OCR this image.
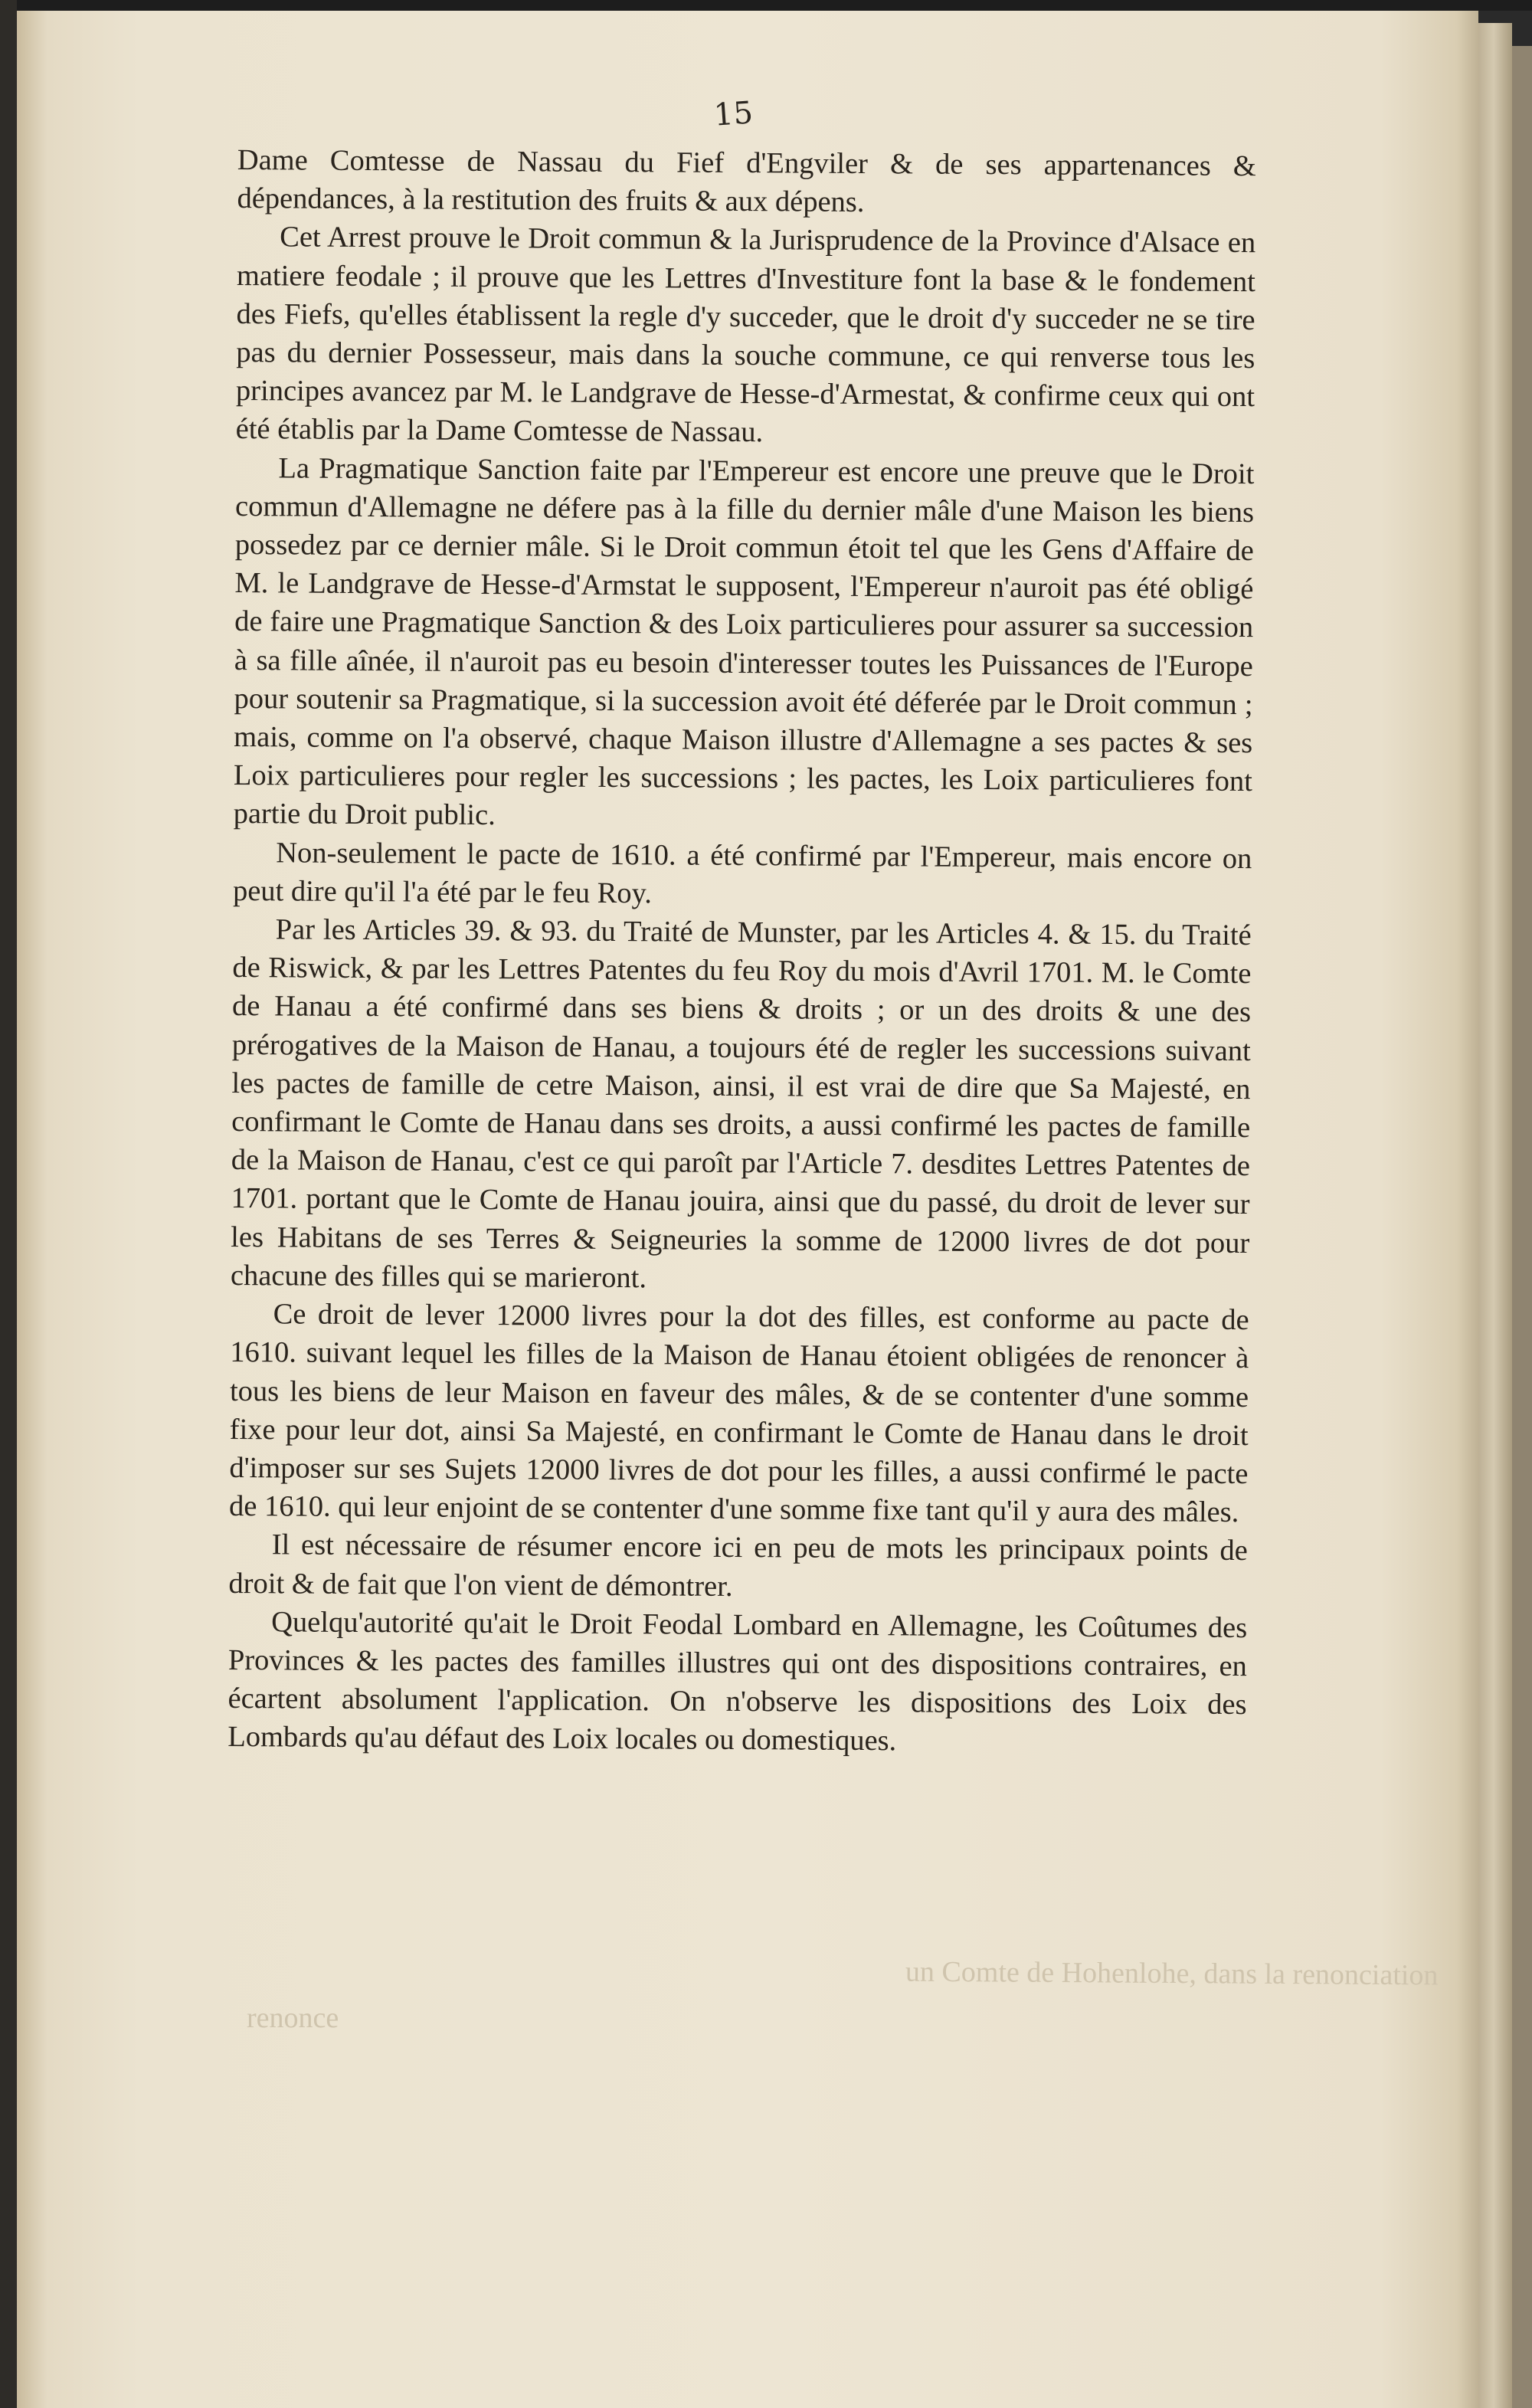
15
un Comte de Hohenlohe, dans la renonciation
renonce

Dame Comtesse de Nassau du Fief d'Engviler & de ses appartenances & dépendances, à la restitution des fruits & aux dépens.

Cet Arrest prouve le Droit commun & la Jurisprudence de la Province d'Alsace en matiere feodale ; il prouve que les Lettres d'Investiture font la base & le fondement des Fiefs, qu'elles établissent la regle d'y succeder, que le droit d'y succeder ne se tire pas du dernier Possesseur, mais dans la souche commune, ce qui renverse tous les principes avancez par M. le Landgrave de Hesse-d'Armestat, & confirme ceux qui ont été établis par la Dame Comtesse de Nassau.

La Pragmatique Sanction faite par l'Empereur est encore une preuve que le Droit commun d'Allemagne ne défere pas à la fille du dernier mâle d'une Maison les biens possedez par ce dernier mâle. Si le Droit commun étoit tel que les Gens d'Affaire de M. le Landgrave de Hesse-d'Armstat le supposent, l'Empereur n'auroit pas été obligé de faire une Pragmatique Sanction & des Loix particulieres pour assurer sa succession à sa fille aînée, il n'auroit pas eu besoin d'interesser toutes les Puissances de l'Europe pour soutenir sa Pragmatique, si la succession avoit été déferée par le Droit commun ; mais, comme on l'a observé, chaque Maison illustre d'Allemagne a ses pactes & ses Loix particulieres pour regler les successions ; les pactes, les Loix particulieres font partie du Droit public.

Non-seulement le pacte de 1610. a été confirmé par l'Empereur, mais encore on peut dire qu'il l'a été par le feu Roy.

Par les Articles 39. & 93. du Traité de Munster, par les Articles 4. & 15. du Traité de Riswick, & par les Lettres Patentes du feu Roy du mois d'Avril 1701. M. le Comte de Hanau a été confirmé dans ses biens & droits ; or un des droits & une des prérogatives de la Maison de Hanau, a toujours été de regler les successions suivant les pactes de famille de cetre Maison, ainsi, il est vrai de dire que Sa Majesté, en confirmant le Comte de Hanau dans ses droits, a aussi confirmé les pactes de famille de la Maison de Hanau, c'est ce qui paroît par l'Article 7. desdites Lettres Patentes de 1701. portant que le Comte de Hanau jouira, ainsi que du passé, du droit de lever sur les Habitans de ses Terres & Seigneuries la somme de 12000 livres de dot pour chacune des filles qui se marieront.

Ce droit de lever 12000 livres pour la dot des filles, est conforme au pacte de 1610. suivant lequel les filles de la Maison de Hanau étoient obligées de renoncer à tous les biens de leur Maison en faveur des mâles, & de se contenter d'une somme fixe pour leur dot, ainsi Sa Majesté, en confirmant le Comte de Hanau dans le droit d'imposer sur ses Sujets 12000 livres de dot pour les filles, a aussi confirmé le pacte de 1610. qui leur enjoint de se contenter d'une somme fixe tant qu'il y aura des mâles.

Il est nécessaire de résumer encore ici en peu de mots les principaux points de droit & de fait que l'on vient de démontrer.

Quelqu'autorité qu'ait le Droit Feodal Lombard en Allemagne, les Coûtumes des Provinces & les pactes des familles illustres qui ont des dispositions contraires, en écartent absolument l'application. On n'observe les dispositions des Loix des Lombards qu'au défaut des Loix locales ou domestiques.
